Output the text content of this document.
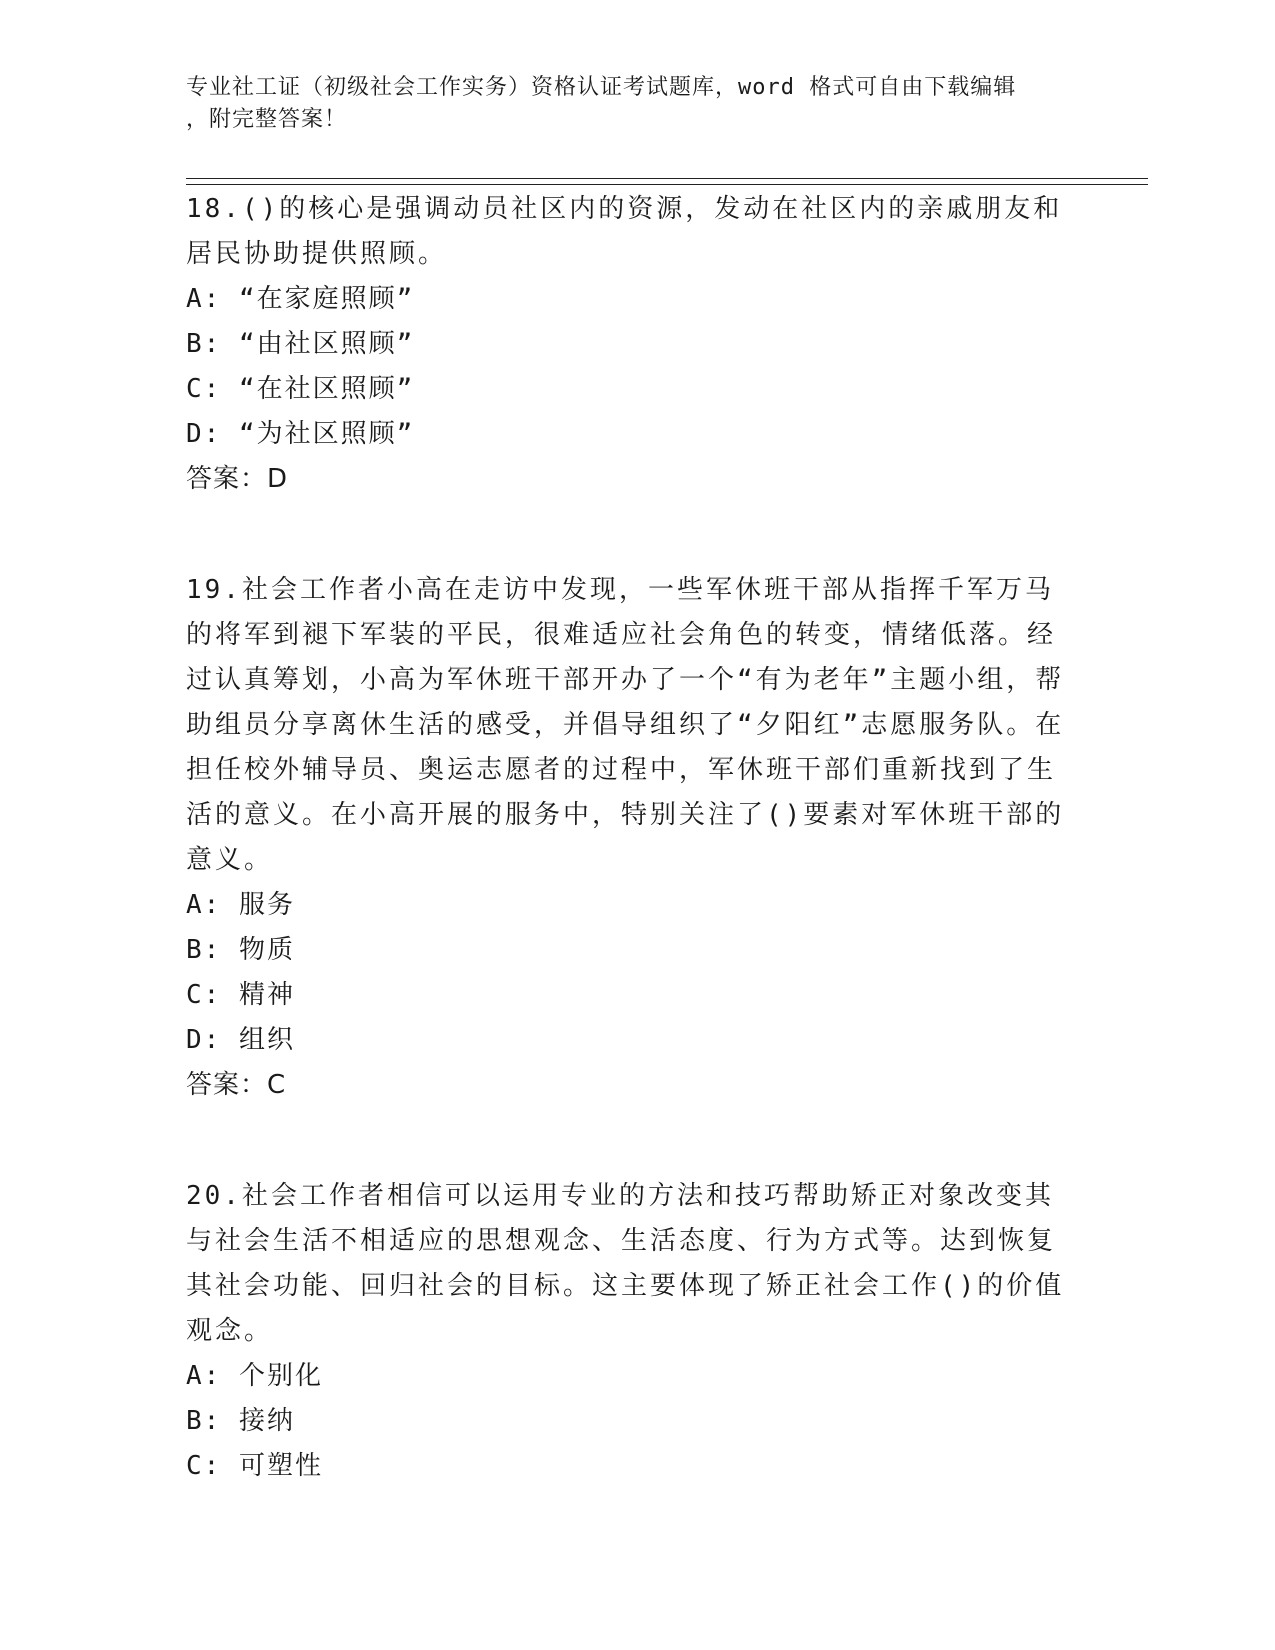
专业社工证（初级社会工作实务）资格认证考试题库，word 格式可自由下载编辑
，附完整答案！
18.()的核心是强调动员社区内的资源，发动在社区内的亲戚朋友和居民协助提供照顾。
A: “在家庭照顾”
B: “由社区照顾”
C: “在社区照顾”
D: “为社区照顾”
答案：D
19.社会工作者小高在走访中发现，一些军休班干部从指挥千军万马的将军到褪下军装的平民，很难适应社会角色的转变，情绪低落。经过认真筹划，小高为军休班干部开办了一个“有为老年”主题小组，帮助组员分享离休生活的感受，并倡导组织了“夕阳红”志愿服务队。在担任校外辅导员、奥运志愿者的过程中，军休班干部们重新找到了生活的意义。在小高开展的服务中，特别关注了()要素对军休班干部的意义。
A: 服务
B: 物质
C: 精神
D: 组织
答案：C
20.社会工作者相信可以运用专业的方法和技巧帮助矫正对象改变其与社会生活不相适应的思想观念、生活态度、行为方式等。达到恢复其社会功能、回归社会的目标。这主要体现了矫正社会工作()的价值观念。
A: 个别化
B: 接纳
C: 可塑性
